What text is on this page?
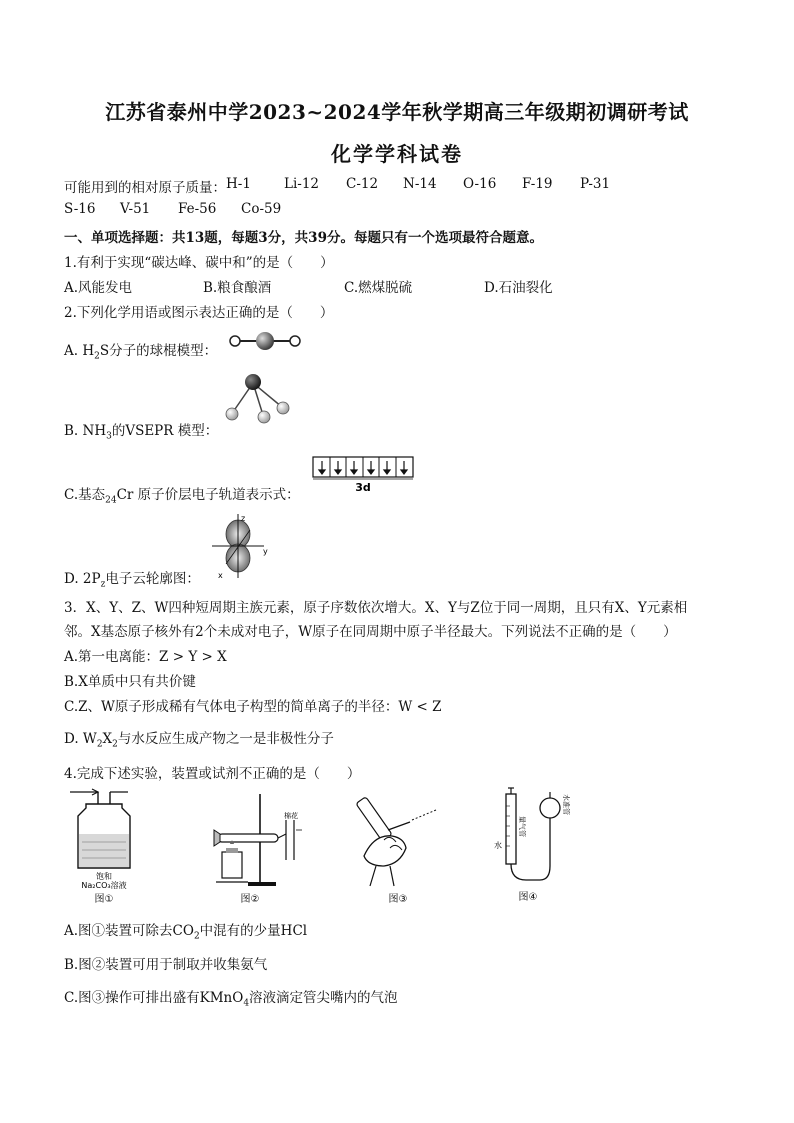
江苏省泰州中学2023~2024学年秋学期高三年级期初调研考试
化学学科试卷
可能用到的相对原子质量： H-1	Li-12	C-12	N-14	O-16	F-19	P-31
S-16	V-51	Fe-56	Co-59
一、单项选择题：共13题，每题3分，共39分。每题只有一个选项最符合题意。
1.有利于实现“碳达峰、碳中和”的是（　　）
A.风能发电	B.粮食酿酒	C.燃煤脱硫	D.石油裂化
2.下列化学用语或图示表达正确的是（　　）
A. $H_2S$分子的球棍模型：
B. $NH_3$的VSEPR 模型：
C.基态$_{24}$Cr 原子价层电子轨道表示式：	3d
D. $2P_z$电子云轮廓图：
z
y
x
3．X、Y、Z、W四种短周期主族元素，原子序数依次增大。X、Y与Z位于同一周期，且只有X、Y元素相
邻。X基态原子核外有2个未成对电子，W原子在同周期中原子半径最大。下列说法不正确的是（　　）
A.第一电离能：Z > Y > X
B.X单质中只有共价键
C.Z、W原子形成稀有气体电子构型的简单离子的半径：W < Z
D. $W_2X_2$与水反应生成产物之一是非极性分子
4.完成下述实验，装置或试剂不正确的是（　　）
饱和
Na₂CO₃溶液
图①
棉花
图②	图③
水
量气管
水准管
图④
A.图①装置可除去$CO_2$中混有的少量HCl
B.图②装置可用于制取并收集氨气
C.图③操作可排出盛有KMnO$_4$溶液滴定管尖嘴内的气泡
